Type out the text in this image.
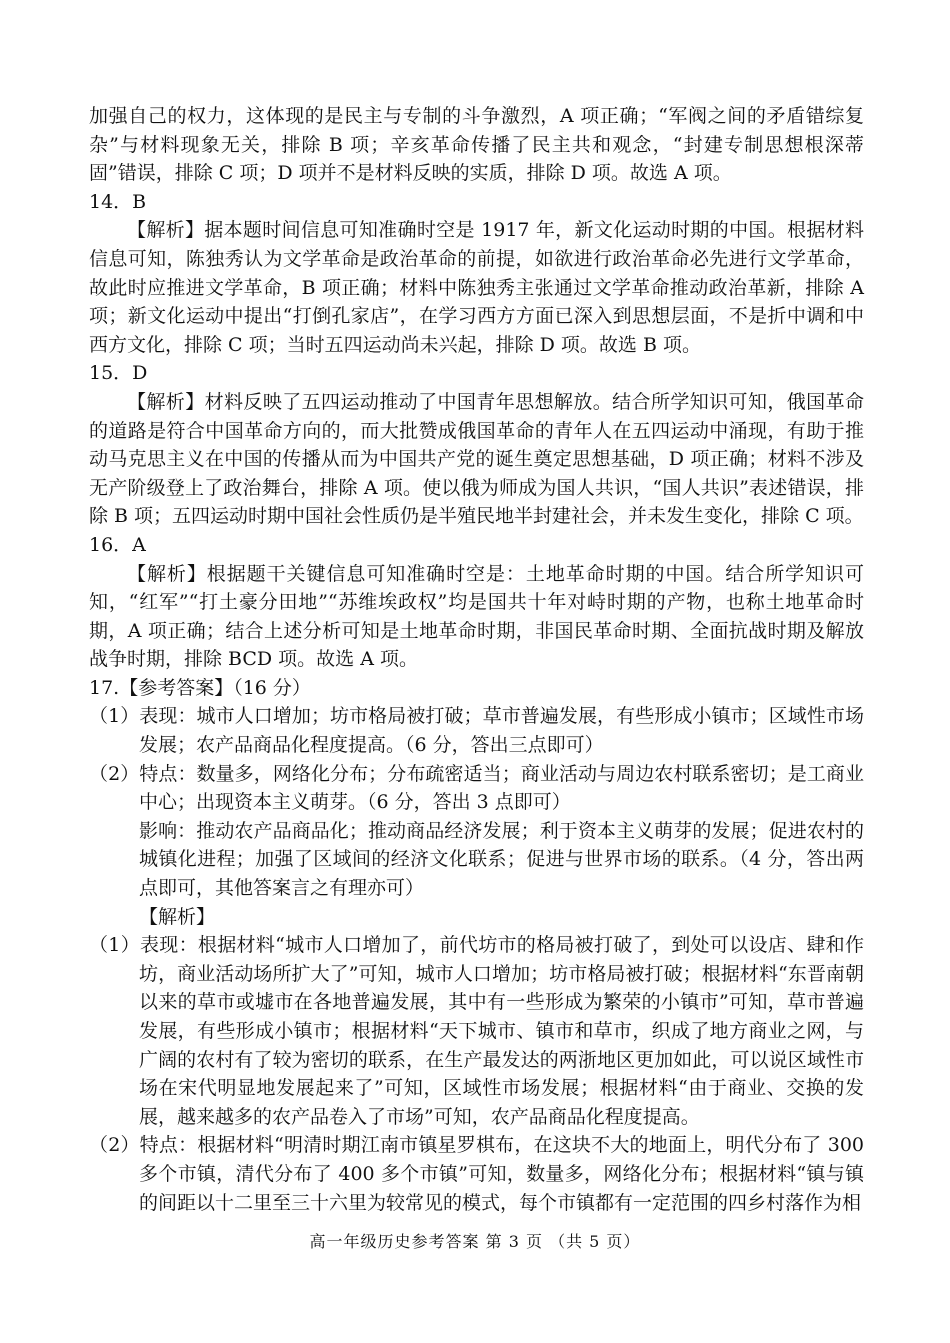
加强自己的权力，这体现的是民主与专制的斗争激烈，A 项正确；“军阀之间的矛盾错综复杂”与材料现象无关，排除 B 项；辛亥革命传播了民主共和观念，“封建专制思想根深蒂固”错误，排除 C 项；D 项并不是材料反映的实质，排除 D 项。故选 A 项。

14．B

【解析】据本题时间信息可知准确时空是 1917 年，新文化运动时期的中国。根据材料信息可知，陈独秀认为文学革命是政治革命的前提，如欲进行政治革命必先进行文学革命，故此时应推进文学革命，B 项正确；材料中陈独秀主张通过文学革命推动政治革新，排除 A 项；新文化运动中提出“打倒孔家店”，在学习西方方面已深入到思想层面，不是折中调和中西方文化，排除 C 项；当时五四运动尚未兴起，排除 D 项。故选 B 项。

15．D

【解析】材料反映了五四运动推动了中国青年思想解放。结合所学知识可知，俄国革命的道路是符合中国革命方向的，而大批赞成俄国革命的青年人在五四运动中涌现，有助于推动马克思主义在中国的传播从而为中国共产党的诞生奠定思想基础，D 项正确；材料不涉及无产阶级登上了政治舞台，排除 A 项。使以俄为师成为国人共识，“国人共识”表述错误，排除 B 项；五四运动时期中国社会性质仍是半殖民地半封建社会，并未发生变化，排除 C 项。

16．A

【解析】根据题干关键信息可知准确时空是：土地革命时期的中国。结合所学知识可知，“红军”“打土豪分田地”“苏维埃政权”均是国共十年对峙时期的产物，也称土地革命时期，A 项正确；结合上述分析可知是土地革命时期，非国民革命时期、全面抗战时期及解放战争时期，排除 BCD 项。故选 A 项。

17.【参考答案】（16 分）

（1）表现：城市人口增加；坊市格局被打破；草市普遍发展，有些形成小镇市；区域性市场发展；农产品商品化程度提高。（6 分，答出三点即可）

（2）特点：数量多，网络化分布；分布疏密适当；商业活动与周边农村联系密切；是工商业中心；出现资本主义萌芽。（6 分，答出 3 点即可）

影响：推动农产品商品化；推动商品经济发展；利于资本主义萌芽的发展；促进农村的城镇化进程；加强了区域间的经济文化联系；促进与世界市场的联系。（4 分，答出两点即可，其他答案言之有理亦可）

【解析】

（1）表现：根据材料“城市人口增加了，前代坊市的格局被打破了，到处可以设店、肆和作坊，商业活动场所扩大了”可知，城市人口增加；坊市格局被打破；根据材料“东晋南朝以来的草市或墟市在各地普遍发展，其中有一些形成为繁荣的小镇市”可知，草市普遍发展，有些形成小镇市；根据材料“天下城市、镇市和草市，织成了地方商业之网，与广阔的农村有了较为密切的联系，在生产最发达的两浙地区更加如此，可以说区域性市场在宋代明显地发展起来了”可知，区域性市场发展；根据材料“由于商业、交换的发展，越来越多的农产品卷入了市场”可知，农产品商品化程度提高。

（2）特点：根据材料“明清时期江南市镇星罗棋布，在这块不大的地面上，明代分布了 300 多个市镇，清代分布了 400 多个市镇”可知，数量多，网络化分布；根据材料“镇与镇的间距以十二里至三十六里为较常见的模式，每个市镇都有一定范围的四乡村落作为相

高一年级历史参考答案 第 3 页 （共 5 页）
